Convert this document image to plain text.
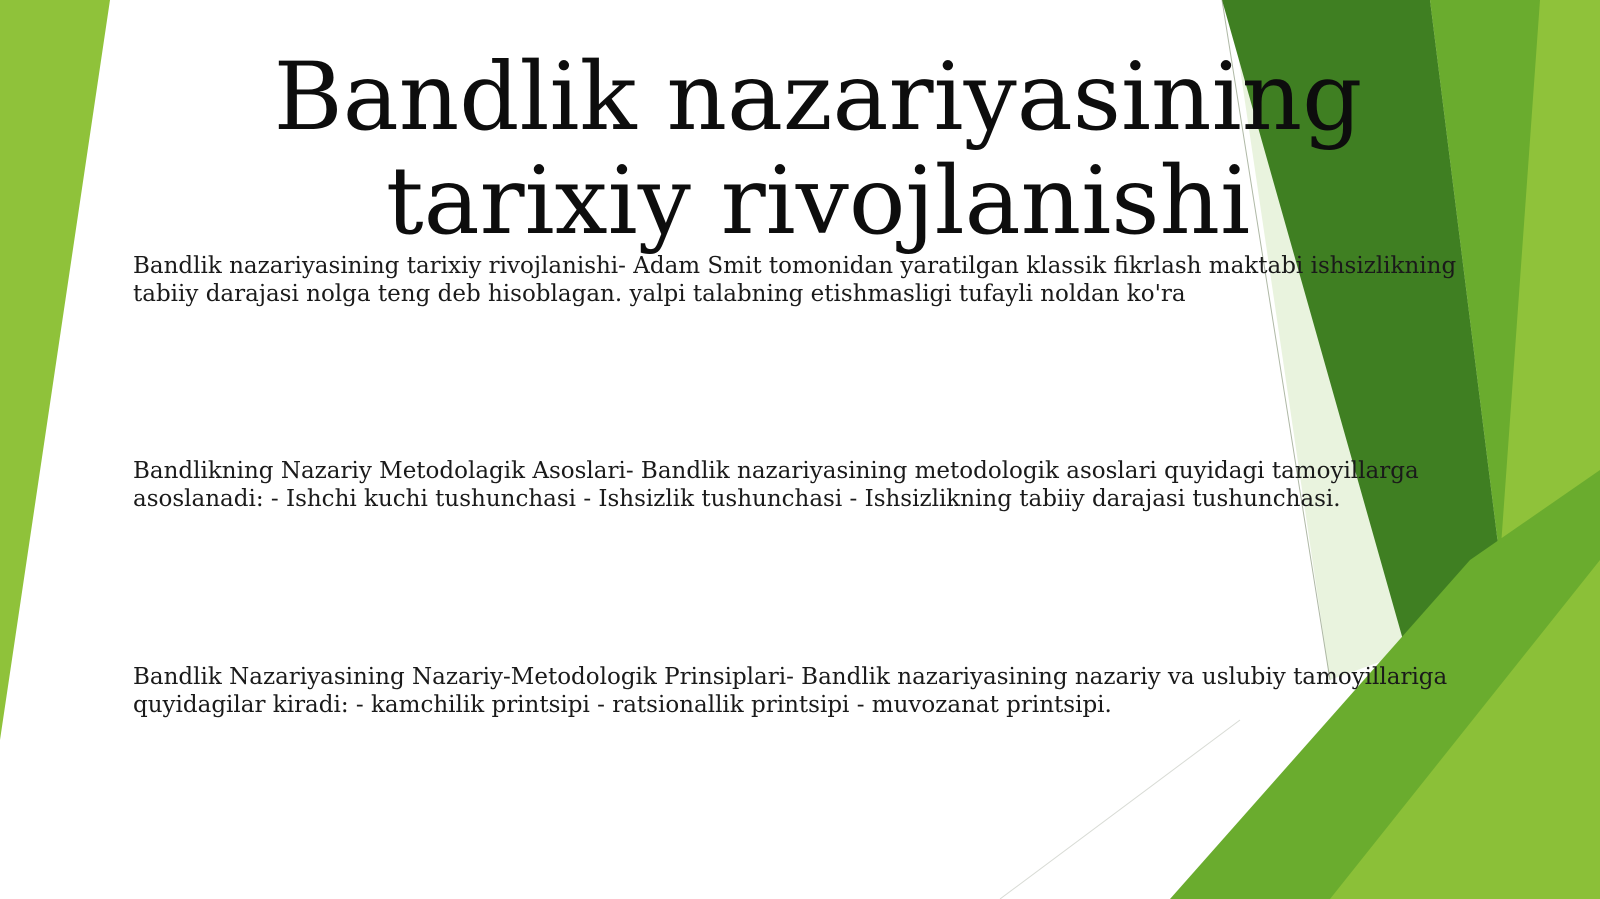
Bandlik nazariyasining tarixiy rivojlanishi

Bandlik nazariyasining tarixiy rivojlanishi- Adam Smit tomonidan yaratilgan klassik fikrlash maktabi ishsizlikning tabiiy darajasi nolga teng deb hisoblagan. yalpi talabning etishmasligi tufayli noldan ko'ra

Bandlikning Nazariy Metodolagik Asoslari- Bandlik nazariyasining metodologik asoslari quyidagi tamoyillarga asoslanadi: - Ishchi kuchi tushunchasi - Ishsizlik tushunchasi - Ishsizlikning tabiiy darajasi tushunchasi.

Bandlik Nazariyasining Nazariy-Metodologik Prinsiplari- Bandlik nazariyasining nazariy va uslubiy tamoyillariga quyidagilar kiradi: - kamchilik printsipi - ratsionallik printsipi - muvozanat printsipi.
